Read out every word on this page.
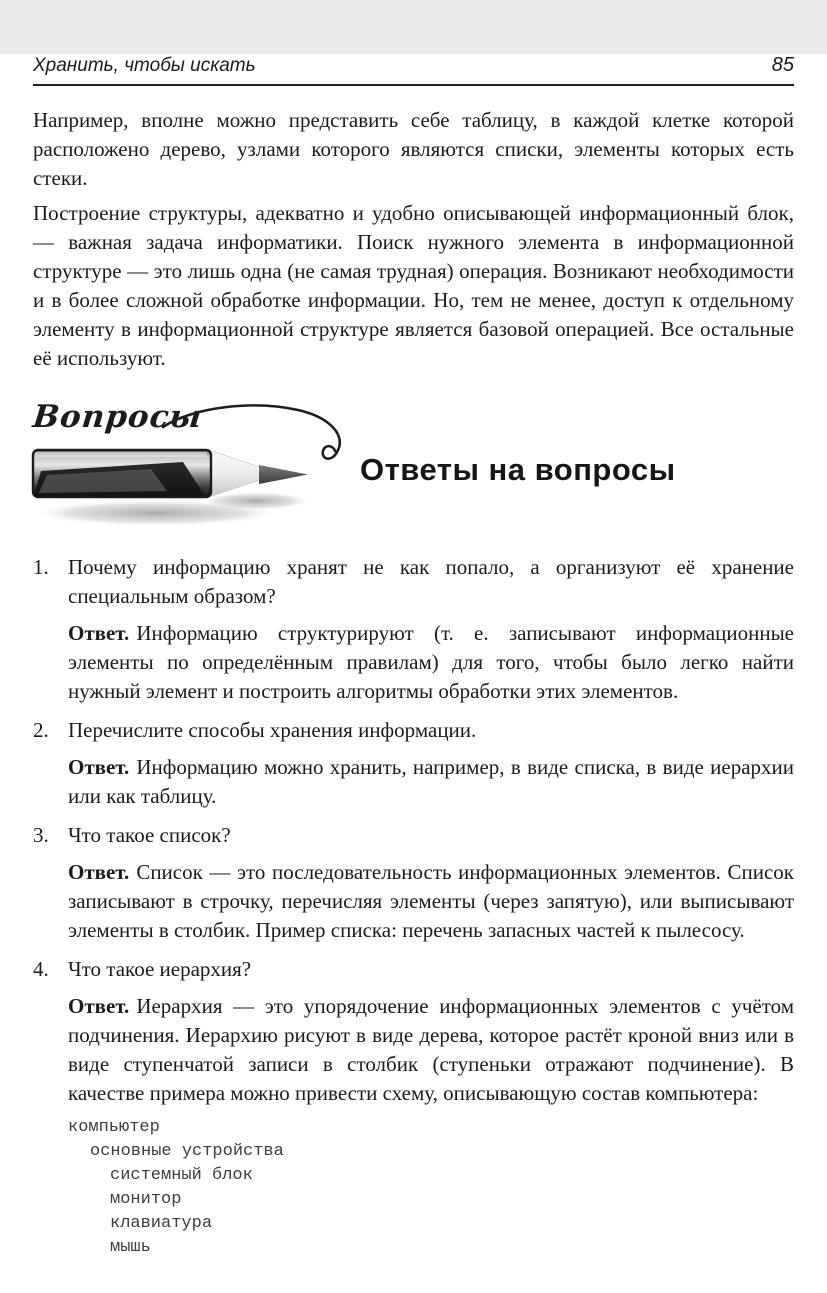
Хранить, чтобы искать	85

Например, вполне можно представить себе таблицу, в каждой клетке которой расположено дерево, узлами которого являются списки, элементы которых есть стеки.

Построение структуры, адекватно и удобно описывающей информационный блок, — важная задача информатики. Поиск нужного элемента в информационной структуре — это лишь одна (не самая трудная) операция. Возникают необходимости и в более сложной обработке информации. Но, тем не менее, доступ к отдельному элементу в информационной структуре является базовой операцией. Все остальные её используют.

Вопросы
Ответы на вопросы
1. Почему информацию хранят не как попало, а организуют её хранение специальным образом?

Ответ. Информацию структурируют (т. е. записывают информационные элементы по определённым правилам) для того, чтобы было легко найти нужный элемент и построить алгоритмы обработки этих элементов.

2. Перечислите способы хранения информации.

Ответ. Информацию можно хранить, например, в виде списка, в виде иерархии или как таблицу.

3. Что такое список?

Ответ. Список — это последовательность информационных элементов. Список записывают в строчку, перечисляя элементы (через запятую), или выписывают элементы в столбик. Пример списка: перечень запасных частей к пылесосу.

4. Что такое иерархия?

Ответ. Иерархия — это упорядочение информационных элементов с учётом подчинения. Иерархию рисуют в виде дерева, которое растёт кроной вниз или в виде ступенчатой записи в столбик (ступеньки отражают подчинение). В качестве примера можно привести схему, описывающую состав компьютера:

компьютер
основные устройства
системный блок
монитор
клавиатура
мышь
